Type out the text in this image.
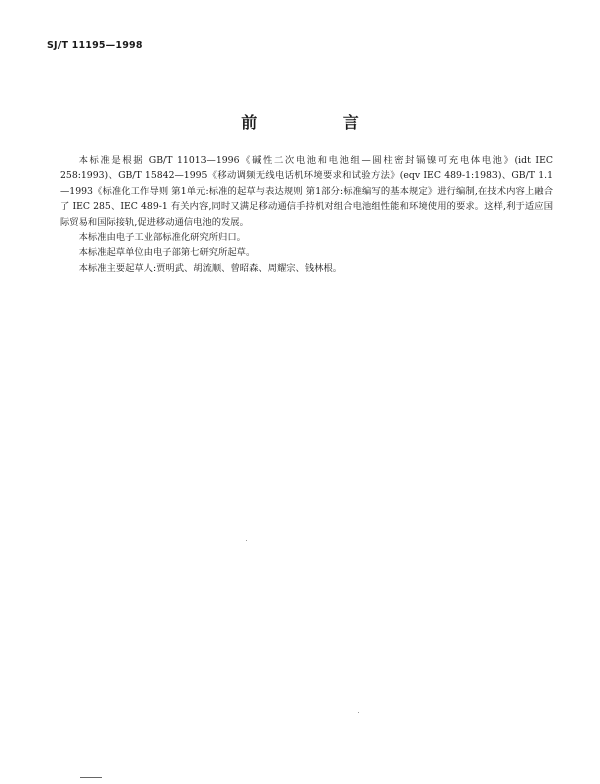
SJ/T 11195—1998
前 言

本标准是根据 GB/T 11013—1996《碱性二次电池和电池组—圆柱密封镉镍可充电体电池》(idt IEC 258:1993)、GB/T 15842—1995《移动调频无线电话机环境要求和试验方法》(eqv IEC 489-1:1983)、GB/T 1.1—1993《标准化工作导则 第1单元:标准的起草与表达规则 第1部分:标准编写的基本规定》进行编制,在技术内容上融合了 IEC 285、IEC 489-1 有关内容,同时又满足移动通信手持机对组合电池组性能和环境使用的要求。这样,利于适应国际贸易和国际接轨,促进移动通信电池的发展。

本标准由电子工业部标准化研究所归口。

本标准起草单位由电子部第七研究所起草。

本标准主要起草人:贾明武、胡流顺、曾昭森、周耀宗、钱林根。
